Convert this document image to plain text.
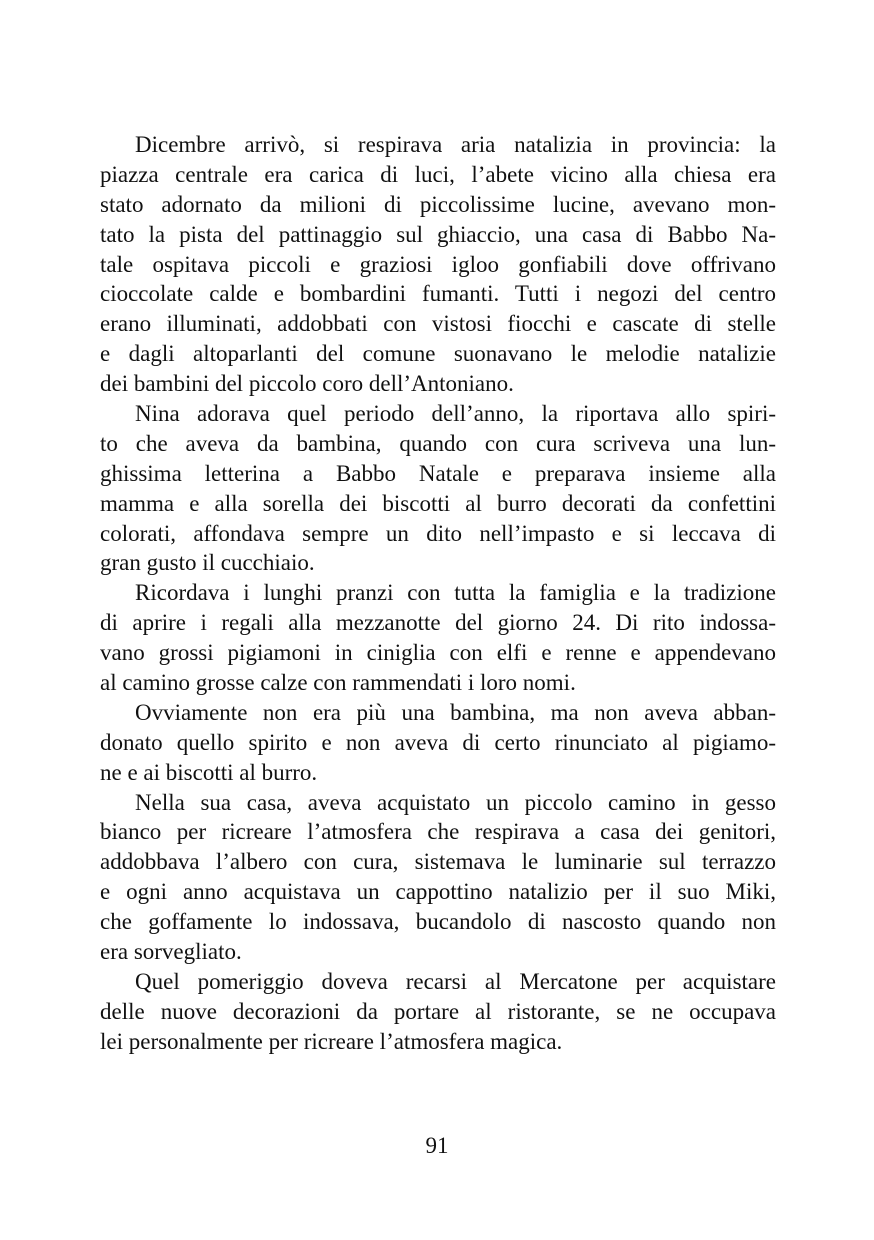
Dicembre arrivò, si respirava aria natalizia in provincia: la
piazza centrale era carica di luci, l’abete vicino alla chiesa era
stato adornato da milioni di piccolissime lucine, avevano mon-
tato la pista del pattinaggio sul ghiaccio, una casa di Babbo Na-
tale ospitava piccoli e graziosi igloo gonfiabili dove offrivano
cioccolate calde e bombardini fumanti. Tutti i negozi del centro
erano illuminati, addobbati con vistosi fiocchi e cascate di stelle
e dagli altoparlanti del comune suonavano le melodie natalizie
dei bambini del piccolo coro dell’Antoniano.

Nina adorava quel periodo dell’anno, la riportava allo spiri-
to che aveva da bambina, quando con cura scriveva una lun-
ghissima letterina a Babbo Natale e preparava insieme alla
mamma e alla sorella dei biscotti al burro decorati da confettini
colorati, affondava sempre un dito nell’impasto e si leccava di
gran gusto il cucchiaio.

Ricordava i lunghi pranzi con tutta la famiglia e la tradizione
di aprire i regali alla mezzanotte del giorno 24. Di rito indossa-
vano grossi pigiamoni in ciniglia con elfi e renne e appendevano
al camino grosse calze con rammendati i loro nomi.

Ovviamente non era più una bambina, ma non aveva abban-
donato quello spirito e non aveva di certo rinunciato al pigiamo-
ne e ai biscotti al burro.

Nella sua casa, aveva acquistato un piccolo camino in gesso
bianco per ricreare l’atmosfera che respirava a casa dei genitori,
addobbava l’albero con cura, sistemava le luminarie sul terrazzo
e ogni anno acquistava un cappottino natalizio per il suo Miki,
che goffamente lo indossava, bucandolo di nascosto quando non
era sorvegliato.

Quel pomeriggio doveva recarsi al Mercatone per acquistare
delle nuove decorazioni da portare al ristorante, se ne occupava
lei personalmente per ricreare l’atmosfera magica.

91
